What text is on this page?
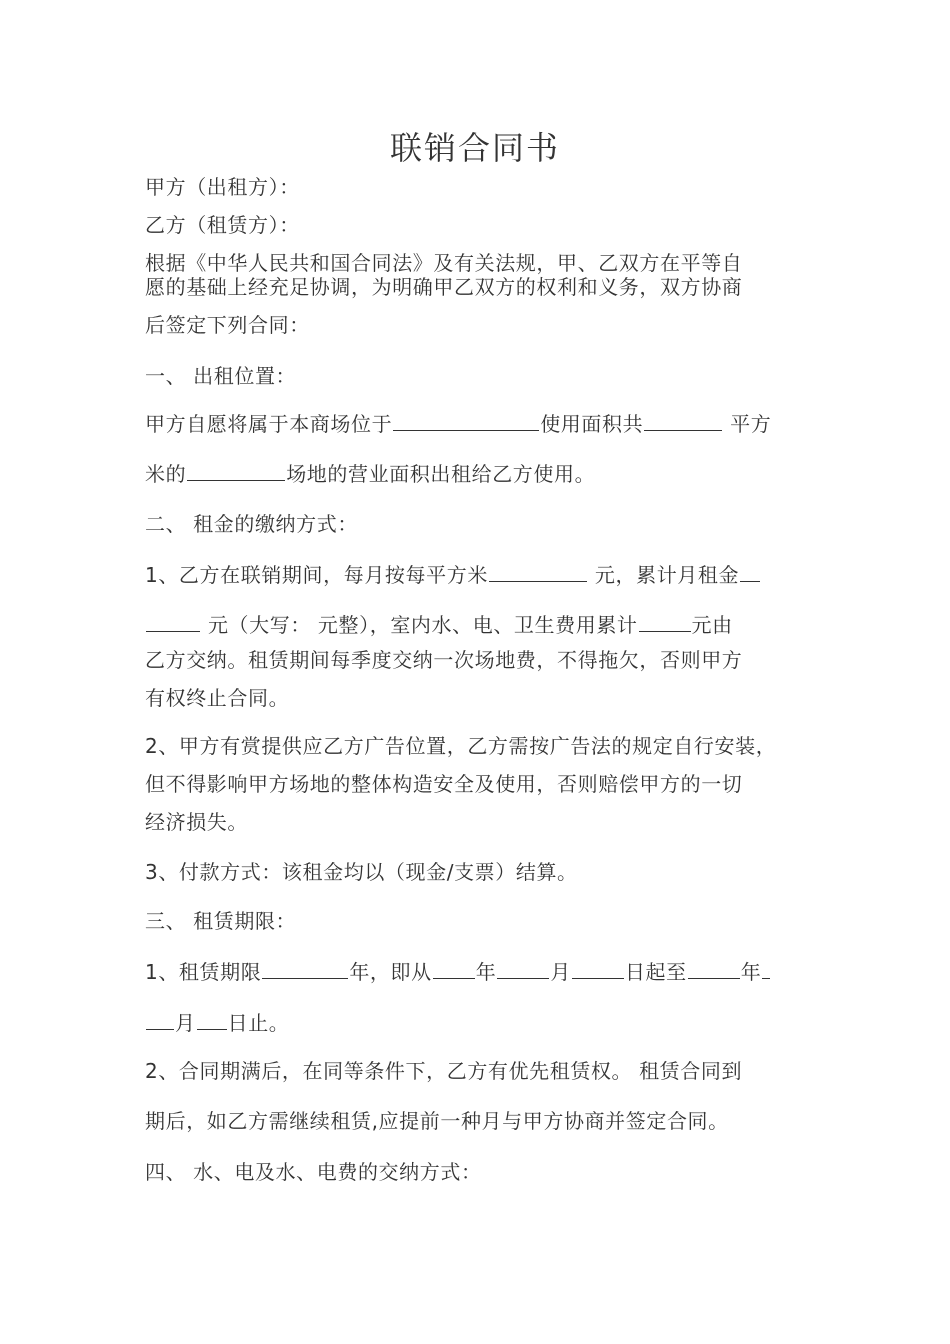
联销合同书
甲方（出租方）：
乙方（租赁方）：
根据《中华人民共和国合同法》及有关法规，甲、乙双方在平等自
愿的基础上经充足协调，为明确甲乙双方的权利和义务，双方协商
后签定下列合同：
一、 出租位置：
甲方自愿将属于本商场位于	使用面积共	平方
米的	场地的营业面积出租给乙方使用。
二、 租金的缴纳方式：
1、乙方在联销期间，每月按每平方米	元，累计月租金
元（大写： 元整），室内水、电、卫生费用累计	元由
乙方交纳。租赁期间每季度交纳一次场地费，不得拖欠，否则甲方
有权终止合同。
2、甲方有赏提供应乙方广告位置，乙方需按广告法的规定自行安装，
但不得影响甲方场地的整体构造安全及使用，否则赔偿甲方的一切
经济损失。
3、付款方式：该租金均以（现金/支票）结算。
三、 租赁期限：
1、租赁期限	年，即从 年	月	日起至	年
月 日止。
2、合同期满后，在同等条件下，乙方有优先租赁权。 租赁合同到
期后，如乙方需继续租赁,应提前一种月与甲方协商并签定合同。
四、 水、电及水、电费的交纳方式：
